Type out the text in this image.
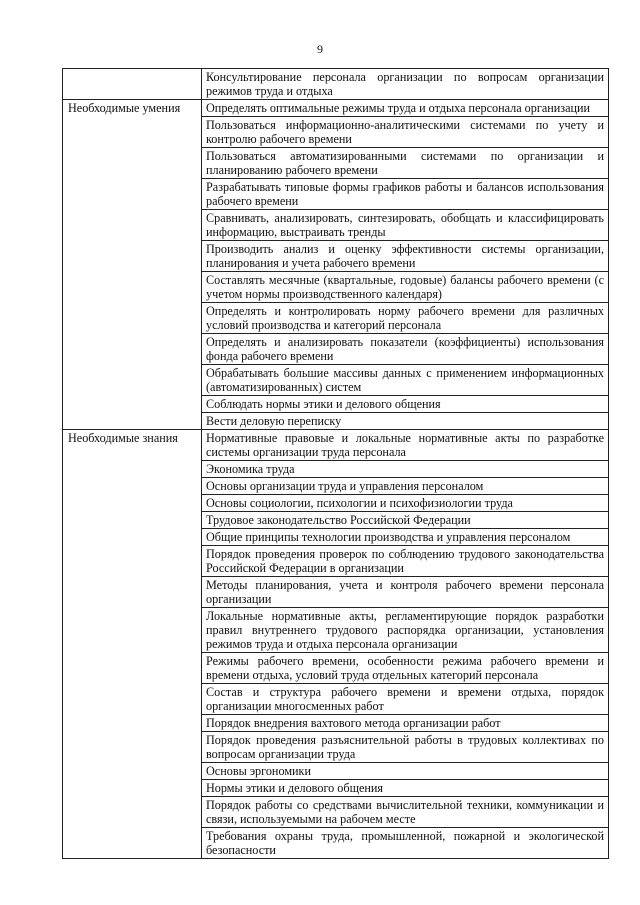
9
	Консультирование персонала организации по вопросам организации режимов труда и отдыха
Необходимые умения	Определять оптимальные режимы труда и отдыха персонала организации
	Пользоваться информационно-аналитическими системами по учету и контролю рабочего времени
	Пользоваться автоматизированными системами по организации и планированию рабочего времени
	Разрабатывать типовые формы графиков работы и балансов использования рабочего времени
	Сравнивать, анализировать, синтезировать, обобщать и классифицировать информацию, выстраивать тренды
	Производить анализ и оценку эффективности системы организации, планирования и учета рабочего времени
	Составлять месячные (квартальные, годовые) балансы рабочего времени (с учетом нормы производственного календаря)
	Определять и контролировать норму рабочего времени для различных условий производства и категорий персонала
	Определять и анализировать показатели (коэффициенты) использования фонда рабочего времени
	Обрабатывать большие массивы данных с применением информационных (автоматизированных) систем
	Соблюдать нормы этики и делового общения
	Вести деловую переписку
Необходимые знания	Нормативные правовые и локальные нормативные акты по разработке системы организации труда персонала
	Экономика труда
	Основы организации труда и управления персоналом
	Основы социологии, психологии и психофизиологии труда
	Трудовое законодательство Российской Федерации
	Общие принципы технологии производства и управления персоналом
	Порядок проведения проверок по соблюдению трудового законодательства Российской Федерации в организации
	Методы планирования, учета и контроля рабочего времени персонала организации
	Локальные нормативные акты, регламентирующие порядок разработки правил внутреннего трудового распорядка организации, установления режимов труда и отдыха персонала организации
	Режимы рабочего времени, особенности режима рабочего времени и времени отдыха, условий труда отдельных категорий персонала
	Состав и структура рабочего времени и времени отдыха, порядок организации многосменных работ
	Порядок внедрения вахтового метода организации работ
	Порядок проведения разъяснительной работы в трудовых коллективах по вопросам организации труда
	Основы эргономики
	Нормы этики и делового общения
	Порядок работы со средствами вычислительной техники, коммуникации и связи, используемыми на рабочем месте
	Требования охраны труда, промышленной, пожарной и экологической безопасности
